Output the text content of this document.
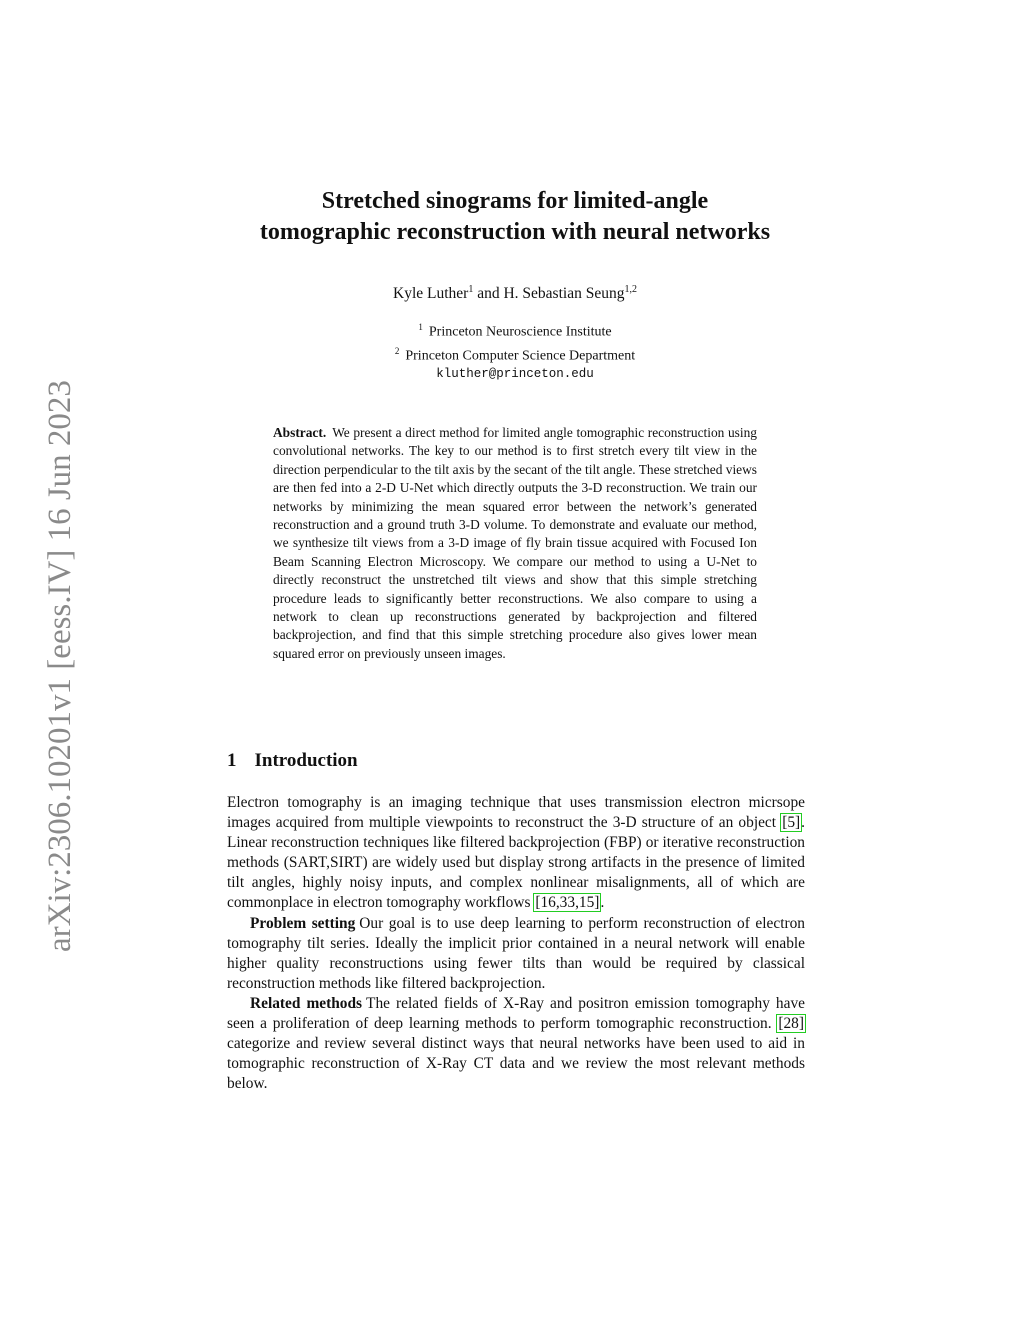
arXiv:2306.10201v1 [eess.IV] 16 Jun 2023
Stretched sinograms for limited-angle
tomographic reconstruction with neural networks
Kyle Luther$^1$ and H. Sebastian Seung$^{1,2}$
$^1$ Princeton Neuroscience Institute
$^2$ Princeton Computer Science Department
kluther@princeton.edu

Abstract. We present a direct method for limited angle tomographic reconstruction using convolutional networks. The key to our method is to first stretch every tilt view in the direction perpendicular to the tilt axis by the secant of the tilt angle. These stretched views are then fed into a 2-D U-Net which directly outputs the 3-D reconstruction. We train our networks by minimizing the mean squared error between the network’s generated reconstruction and a ground truth 3-D volume. To demonstrate and evaluate our method, we synthesize tilt views from a 3-D image of fly brain tissue acquired with Focused Ion Beam Scanning Electron Microscopy. We compare our method to using a U-Net to directly reconstruct the unstretched tilt views and show that this simple stretching procedure leads to significantly better reconstructions. We also compare to using a network to clean up reconstructions generated by backprojection and filtered backprojection, and find that this simple stretching procedure also gives lower mean squared error on previously unseen images.

1 Introduction

Electron tomography is an imaging technique that uses transmission electron micrsope images acquired from multiple viewpoints to reconstruct the 3-D structure of an object [5]. Linear reconstruction techniques like filtered backprojection (FBP) or iterative reconstruction methods (SART,SIRT) are widely used but display strong artifacts in the presence of limited tilt angles, highly noisy inputs, and complex nonlinear misalignments, all of which are commonplace in electron tomography workflows [16,33,15].

Problem setting Our goal is to use deep learning to perform reconstruction of electron tomography tilt series. Ideally the implicit prior contained in a neural network will enable higher quality reconstructions using fewer tilts than would be required by classical reconstruction methods like filtered backprojection.

Related methods The related fields of X-Ray and positron emission tomography have seen a proliferation of deep learning methods to perform tomographic reconstruction. [28] categorize and review several distinct ways that neural networks have been used to aid in tomographic reconstruction of X-Ray CT data and we review the most relevant methods below.
